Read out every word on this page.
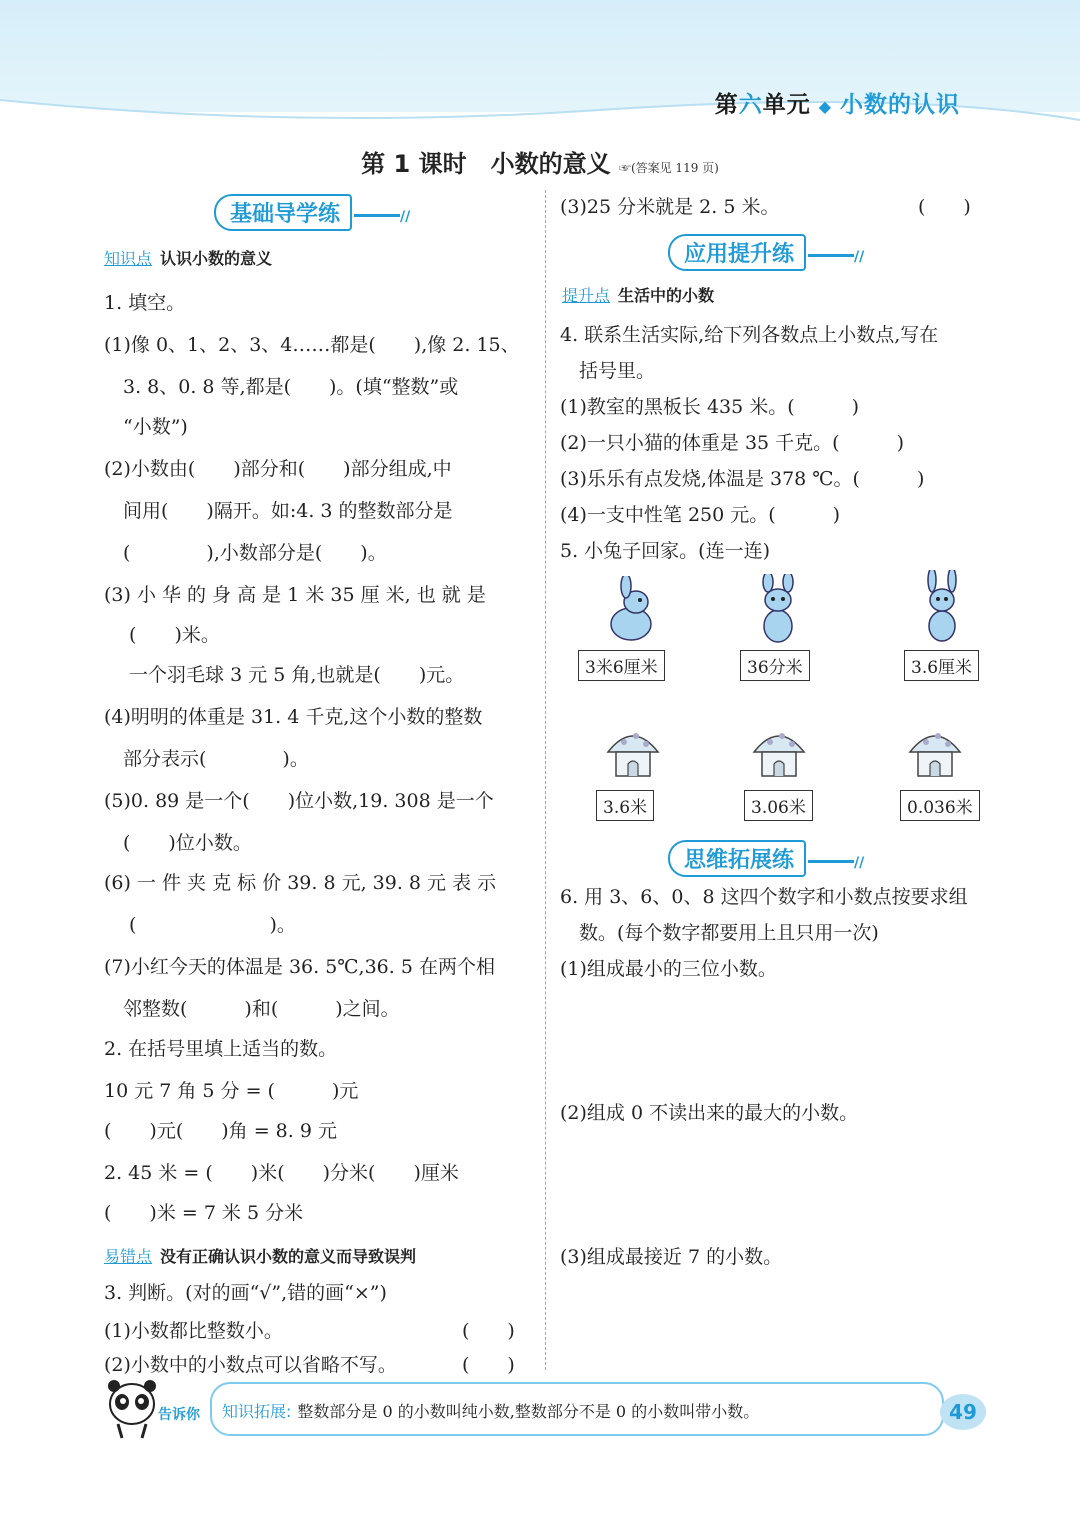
第六单元 ◆ 小数的认识
第 1 课时　小数的意义 ☞(答案见 119 页)
基础导学练	//
知识点 认识小数的意义
1. 填空。
(1)像 0、1、2、3、4……都是(　　),像 2. 15、
　3. 8、0. 8 等,都是(　　)。(填“整数”或
　“小数”)
(2)小数由(　　)部分和(　　)部分组成,中
　间用(　　)隔开。如:4. 3 的整数部分是
　(　　　　),小数部分是(　　)。
(3) 小 华 的 身 高 是 1 米 35 厘 米, 也 就 是
　 (　　)米。
　 一个羽毛球 3 元 5 角,也就是(　　)元。
(4)明明的体重是 31. 4 千克,这个小数的整数
　部分表示(　　　　)。
(5)0. 89 是一个(　　)位小数,19. 308 是一个
　(　　)位小数。
(6) 一 件 夹 克 标 价 39. 8 元, 39. 8 元 表 示
　 (　　　　　　　)。
(7)小红今天的体温是 36. 5℃,36. 5 在两个相
　邻整数(　　　)和(　　　)之间。
2. 在括号里填上适当的数。
10 元 7 角 5 分 = (　　　)元
(　　)元(　　)角 = 8. 9 元
2. 45 米 = (　　)米(　　)分米(　　)厘米
(　　)米 = 7 米 5 分米
易错点 没有正确认识小数的意义而导致误判
3. 判断。(对的画“√”,错的画“×”)
(1)小数都比整数小。	(　　)
(2)小数中的小数点可以省略不写。	(　　)
(3)25 分米就是 2. 5 米。	(　　)
应用提升练	//
提升点 生活中的小数
4. 联系生活实际,给下列各数点上小数点,写在
　括号里。
(1)教室的黑板长 435 米。(　　　)
(2)一只小猫的体重是 35 千克。(　　　)
(3)乐乐有点发烧,体温是 378 ℃。(　　　)
(4)一支中性笔 250 元。(　　　)
5. 小兔子回家。(连一连)
3米6厘米	36分米	3.6厘米
3.6米	3.06米	0.036米
思维拓展练	//
6. 用 3、6、0、8 这四个数字和小数点按要求组
　数。(每个数字都要用上且只用一次)
(1)组成最小的三位小数。
(2)组成 0 不读出来的最大的小数。
(3)组成最接近 7 的小数。
告诉你 知识拓展: 整数部分是 0 的小数叫纯小数,整数部分不是 0 的小数叫带小数。	49
